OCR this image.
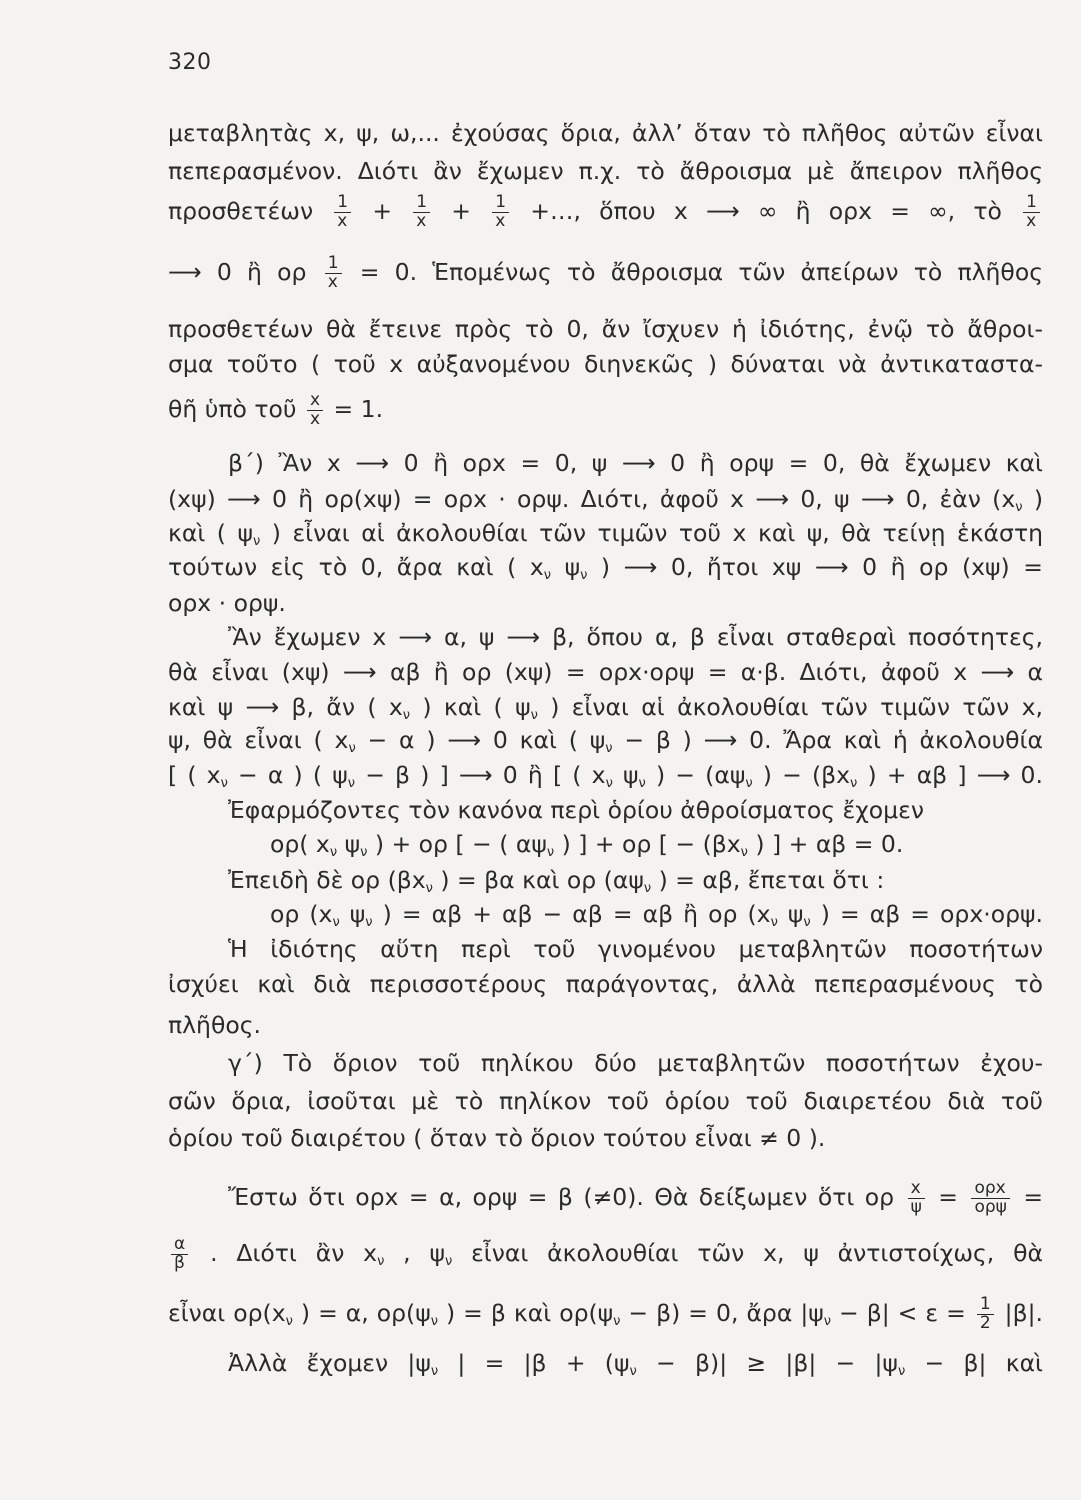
320
μεταβλητὰς x, ψ, ω,... ἐχούσας ὅρια, ἀλλ’ ὅταν τὸ πλῆθος αὐτῶν εἶναι
πεπερασμένον. Διότι ἂν ἔχωμεν π.χ. τὸ ἄθροισμα μὲ ἄπειρον πλῆθος
προσθετέων $\frac{1}{x} + \frac{1}{x} + \frac{1}{x}$ +…, ὅπου x ⟶ ∞ ἢ ορx = ∞, τὸ $\frac{1}{x}$
⟶ 0 ἢ ορ $\frac{1}{x} = 0$. Ἑπομένως τὸ ἄθροισμα τῶν ἀπείρων τὸ πλῆθος
προσθετέων θὰ ἔτεινε πρὸς τὸ 0, ἄν ἴσχυεν ἡ ἰδιότης, ἐνῷ τὸ ἄθροι-
σμα τοῦτο ( τοῦ x αὐξανομένου διηνεκῶς ) δύναται νὰ ἀντικαταστα-
θῆ ὑπὸ τοῦ $\frac{x}{x} = 1$.
β΄) Ἂν x ⟶ 0 ἢ ορx = 0, ψ ⟶ 0 ἢ ορψ = 0, θὰ ἔχωμεν καὶ
(xψ) ⟶ 0 ἢ ορ(xψ) = ορx · ορψ. Διότι, ἀφοῦ x ⟶ 0, ψ ⟶ 0, ἐὰν ($x_\nu$ )
καὶ ( $\psi_\nu$ ) εἶναι αἱ ἀκολουθίαι τῶν τιμῶν τοῦ x καὶ ψ, θὰ τείνῃ ἑκάστη
τούτων εἰς τὸ 0, ἄρα καὶ ( $x_\nu$ $\psi_\nu$ ) ⟶ 0, ἤτοι xψ ⟶ 0 ἢ ορ (xψ) =
ορx · ορψ.
Ἂν ἔχωμεν x ⟶ α, ψ ⟶ β, ὅπου α, β εἶναι σταθεραὶ ποσότητες,
θὰ εἶναι (xψ) ⟶ αβ ἢ ορ (xψ) = ορx·ορψ = α·β. Διότι, ἀφοῦ x ⟶ α
καὶ ψ ⟶ β, ἄν ( $x_\nu$ ) καὶ ( $\psi_\nu$ ) εἶναι αἱ ἀκολουθίαι τῶν τιμῶν τῶν x,
ψ, θὰ εἶναι ( $x_\nu - \alpha$ ) ⟶ 0 καὶ ( $\psi_\nu - \beta$ ) ⟶ 0. Ἄρα καὶ ἡ ἀκολουθία
[ ( $x_\nu - \alpha$ ) ( $\psi_\nu - \beta$ ) ] ⟶ 0 ἢ [ ( $x_\nu$ $\psi_\nu$ ) − ($\alpha\psi_\nu$ ) − ($\beta x_\nu$ ) + αβ ] ⟶ 0.
Ἐφαρμόζοντες τὸν κανόνα περὶ ὁρίου ἀθροίσματος ἔχομεν
ορ( $x_\nu$ $\psi_\nu$ ) + ορ [ − ( $\alpha\psi_\nu$ ) ] + ορ [ − ($\beta x_\nu$ ) ] + αβ = 0.
Ἐπειδὴ δὲ ορ ($\beta x_\nu$ ) = βα καὶ ορ ($\alpha\psi_\nu$ ) = αβ, ἔπεται ὅτι :
ορ ($x_\nu$ $\psi_\nu$ ) = αβ + αβ − αβ = αβ ἢ ορ ($x_\nu$ $\psi_\nu$ ) = αβ = ορx·ορψ.
Ἡ ἰδιότης αὕτη περὶ τοῦ γινομένου μεταβλητῶν ποσοτήτων
ἰσχύει καὶ διὰ περισσοτέρους παράγοντας, ἀλλὰ πεπερασμένους τὸ
πλῆθος.
γ΄) Τὸ ὅριον τοῦ πηλίκου δύο μεταβλητῶν ποσοτήτων ἐχου-
σῶν ὅρια, ἰσοῦται μὲ τὸ πηλίκον τοῦ ὁρίου τοῦ διαιρετέου διὰ τοῦ
ὁρίου τοῦ διαιρέτου ( ὅταν τὸ ὅριον τούτου εἶναι ≠ 0 ).
Ἔστω ὅτι ορx = α, ορψ = β (≠0). Θὰ δείξωμεν ὅτι ορ $\frac{x}{\psi} = \frac{\text{ορx}}{\text{ορψ}}$ =
$\frac{\alpha}{\beta}$ . Διότι ἂν $x_\nu$ , $\psi_\nu$ εἶναι ἀκολουθίαι τῶν x, ψ ἀντιστοίχως, θὰ
εἶναι $o\rho(x_\nu$ ) = α, $o\rho(\psi_\nu$ ) = β καὶ $o\rho(\psi_\nu - \beta) = 0$, ἄρα $|\psi_\nu - \beta| < \varepsilon = \frac{1}{2} |\beta|$.
Ἀλλὰ ἔχομεν $|\psi_\nu$ | = $|\beta + (\psi_\nu - \beta)| \ge |\beta| - |\psi_\nu - \beta|$ καὶ
